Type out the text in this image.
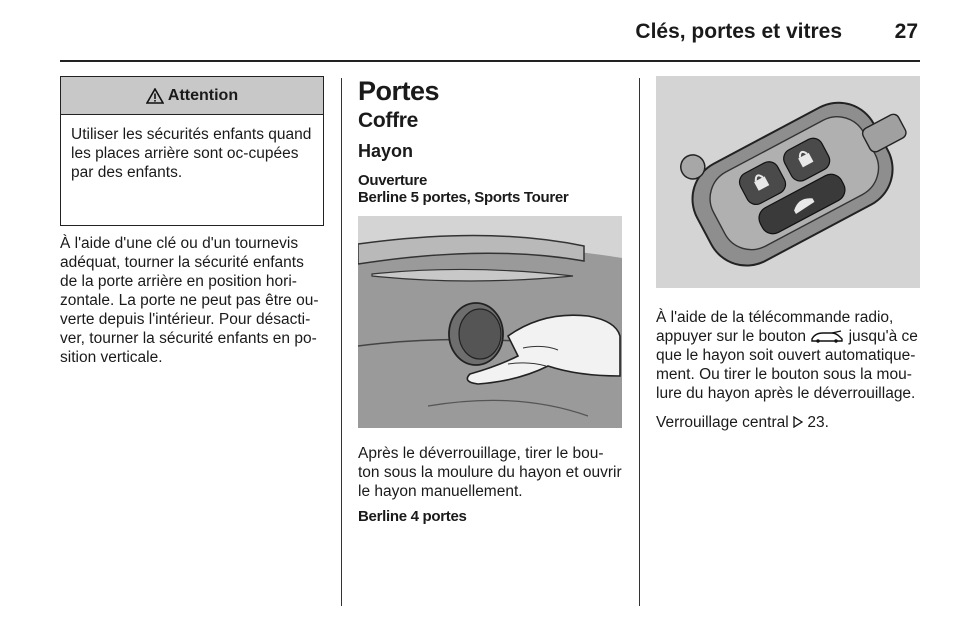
Clés, portes et vitres	27
Attention
Utiliser les sécurités enfants quand les places arrière sont oc-cupées par des enfants.

À l'aide d'une clé ou d'un tournevis adéquat, tourner la sécurité enfants de la porte arrière en position hori-zontale. La porte ne peut pas être ou-verte depuis l'intérieur. Pour désacti-ver, tourner la sécurité enfants en po-sition verticale.

Portes
Coffre
Hayon
Ouverture
Berline 5 portes, Sports Tourer

Après le déverrouillage, tirer le bou-ton sous la moulure du hayon et ouvrir le hayon manuellement.

Berline 4 portes

À l'aide de la télécommande radio, appuyer sur le bouton	jusqu'à ce que le hayon soit ouvert automatique-ment. Ou tirer le bouton sous la mou-lure du hayon après le déverrouillage.

Verrouillage central 23.
